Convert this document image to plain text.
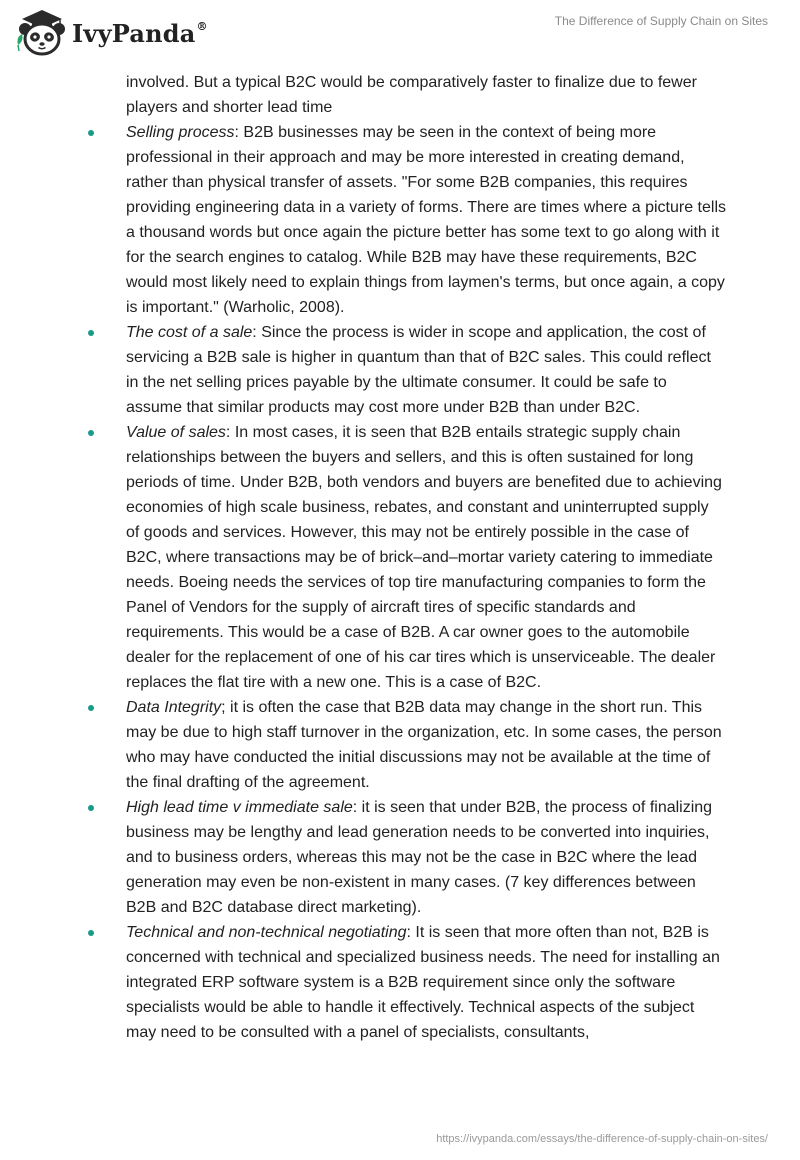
IvyPanda®	The Difference of Supply Chain on Sites

involved. But a typical B2C would be comparatively faster to finalize due to fewer players and shorter lead time

Selling process: B2B businesses may be seen in the context of being more professional in their approach and may be more interested in creating demand, rather than physical transfer of assets. "For some B2B companies, this requires providing engineering data in a variety of forms. There are times where a picture tells a thousand words but once again the picture better has some text to go along with it for the search engines to catalog. While B2B may have these requirements, B2C would most likely need to explain things from laymen's terms, but once again, a copy is important." (Warholic, 2008).
The cost of a sale: Since the process is wider in scope and application, the cost of servicing a B2B sale is higher in quantum than that of B2C sales. This could reflect in the net selling prices payable by the ultimate consumer. It could be safe to assume that similar products may cost more under B2B than under B2C.
Value of sales: In most cases, it is seen that B2B entails strategic supply chain relationships between the buyers and sellers, and this is often sustained for long periods of time. Under B2B, both vendors and buyers are benefited due to achieving economies of high scale business, rebates, and constant and uninterrupted supply of goods and services. However, this may not be entirely possible in the case of B2C, where transactions may be of brick–and–mortar variety catering to immediate needs. Boeing needs the services of top tire manufacturing companies to form the Panel of Vendors for the supply of aircraft tires of specific standards and requirements. This would be a case of B2B. A car owner goes to the automobile dealer for the replacement of one of his car tires which is unserviceable. The dealer replaces the flat tire with a new one. This is a case of B2C.
Data Integrity; it is often the case that B2B data may change in the short run. This may be due to high staff turnover in the organization, etc. In some cases, the person who may have conducted the initial discussions may not be available at the time of the final drafting of the agreement.
High lead time v immediate sale: it is seen that under B2B, the process of finalizing business may be lengthy and lead generation needs to be converted into inquiries, and to business orders, whereas this may not be the case in B2C where the lead generation may even be non-existent in many cases. (7 key differences between B2B and B2C database direct marketing).
Technical and non-technical negotiating: It is seen that more often than not, B2B is concerned with technical and specialized business needs. The need for installing an integrated ERP software system is a B2B requirement since only the software specialists would be able to handle it effectively. Technical aspects of the subject may need to be consulted with a panel of specialists, consultants,
https://ivypanda.com/essays/the-difference-of-supply-chain-on-sites/
